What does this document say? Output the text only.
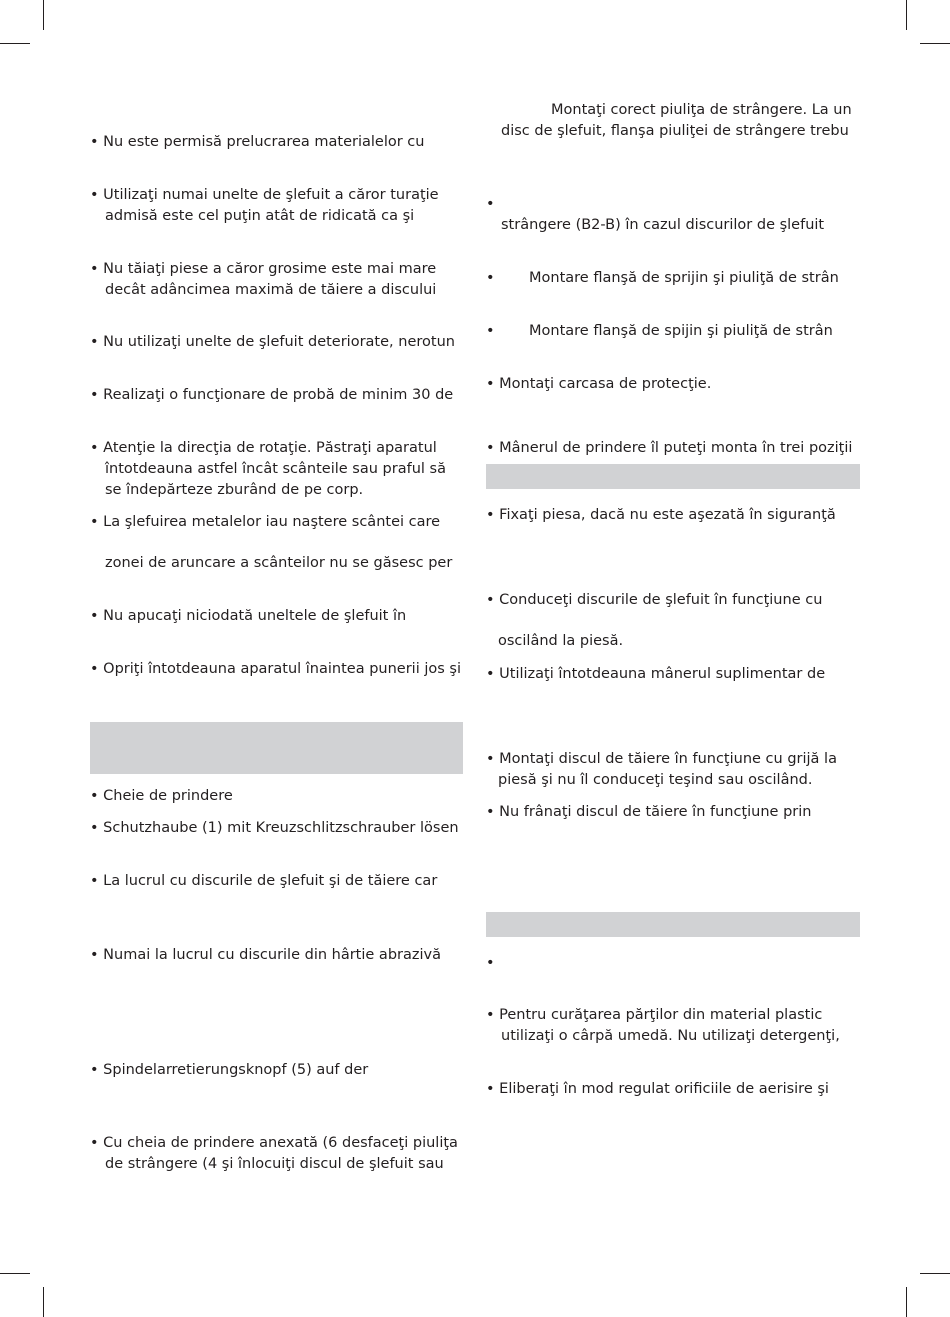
• Nu este permisă prelucrarea materialelor cu
• Utilizaţi numai unelte de şlefuit a căror turaţie
admisă este cel puţin atât de ridicată ca şi
• Nu tăiaţi piese a căror grosime este mai mare
decât adâncimea maximă de tăiere a discului
• Nu utilizaţi unelte de şlefuit deteriorate, nerotun
• Realizaţi o funcţionare de probă de minim 30 de
• Atenţie la direcţia de rotaţie. Păstraţi aparatul
întotdeauna astfel încât scânteile sau praful să
se îndepărteze zburând de pe corp.
• La şlefuirea metalelor iau naştere scântei care
zonei de aruncare a scânteilor nu se găsesc per
• Nu apucaţi niciodată uneltele de şlefuit în
• Opriţi întotdeauna aparatul înaintea punerii jos şi
• Cheie de prindere
• Schutzhaube (1) mit Kreuzschlitzschrauber lösen
• La lucrul cu discurile de şlefuit şi de tăiere car
• Numai la lucrul cu discurile din hârtie abrazivă
• Spindelarretierungsknopf (5) auf der
• Cu cheia de prindere anexată (6 desfaceţi piuliţa
de strângere (4 şi înlocuiţi discul de şlefuit sau
Montaţi corect piuliţa de strângere. La un
disc de şlefuit, flanşa piuliţei de strângere trebu
•
strângere (B2-B) în cazul discurilor de şlefuit
• Montare flanşă de sprijin şi piuliţă de strân
• Montare flanşă de spijin şi piuliţă de strân
• Montaţi carcasa de protecţie.
• Mânerul de prindere îl puteţi monta în trei poziţii
• Fixaţi piesa, dacă nu este aşezată în siguranţă
• Conduceţi discurile de şlefuit în funcţiune cu
oscilând la piesă.
• Utilizaţi întotdeauna mânerul suplimentar de
• Montaţi discul de tăiere în funcţiune cu grijă la
piesă şi nu îl conduceţi teşind sau oscilând.
• Nu frânaţi discul de tăiere în funcţiune prin
•
• Pentru curăţarea părţilor din material plastic
utilizaţi o cârpă umedă. Nu utilizaţi detergenţi,
• Eliberaţi în mod regulat orificiile de aerisire şi
